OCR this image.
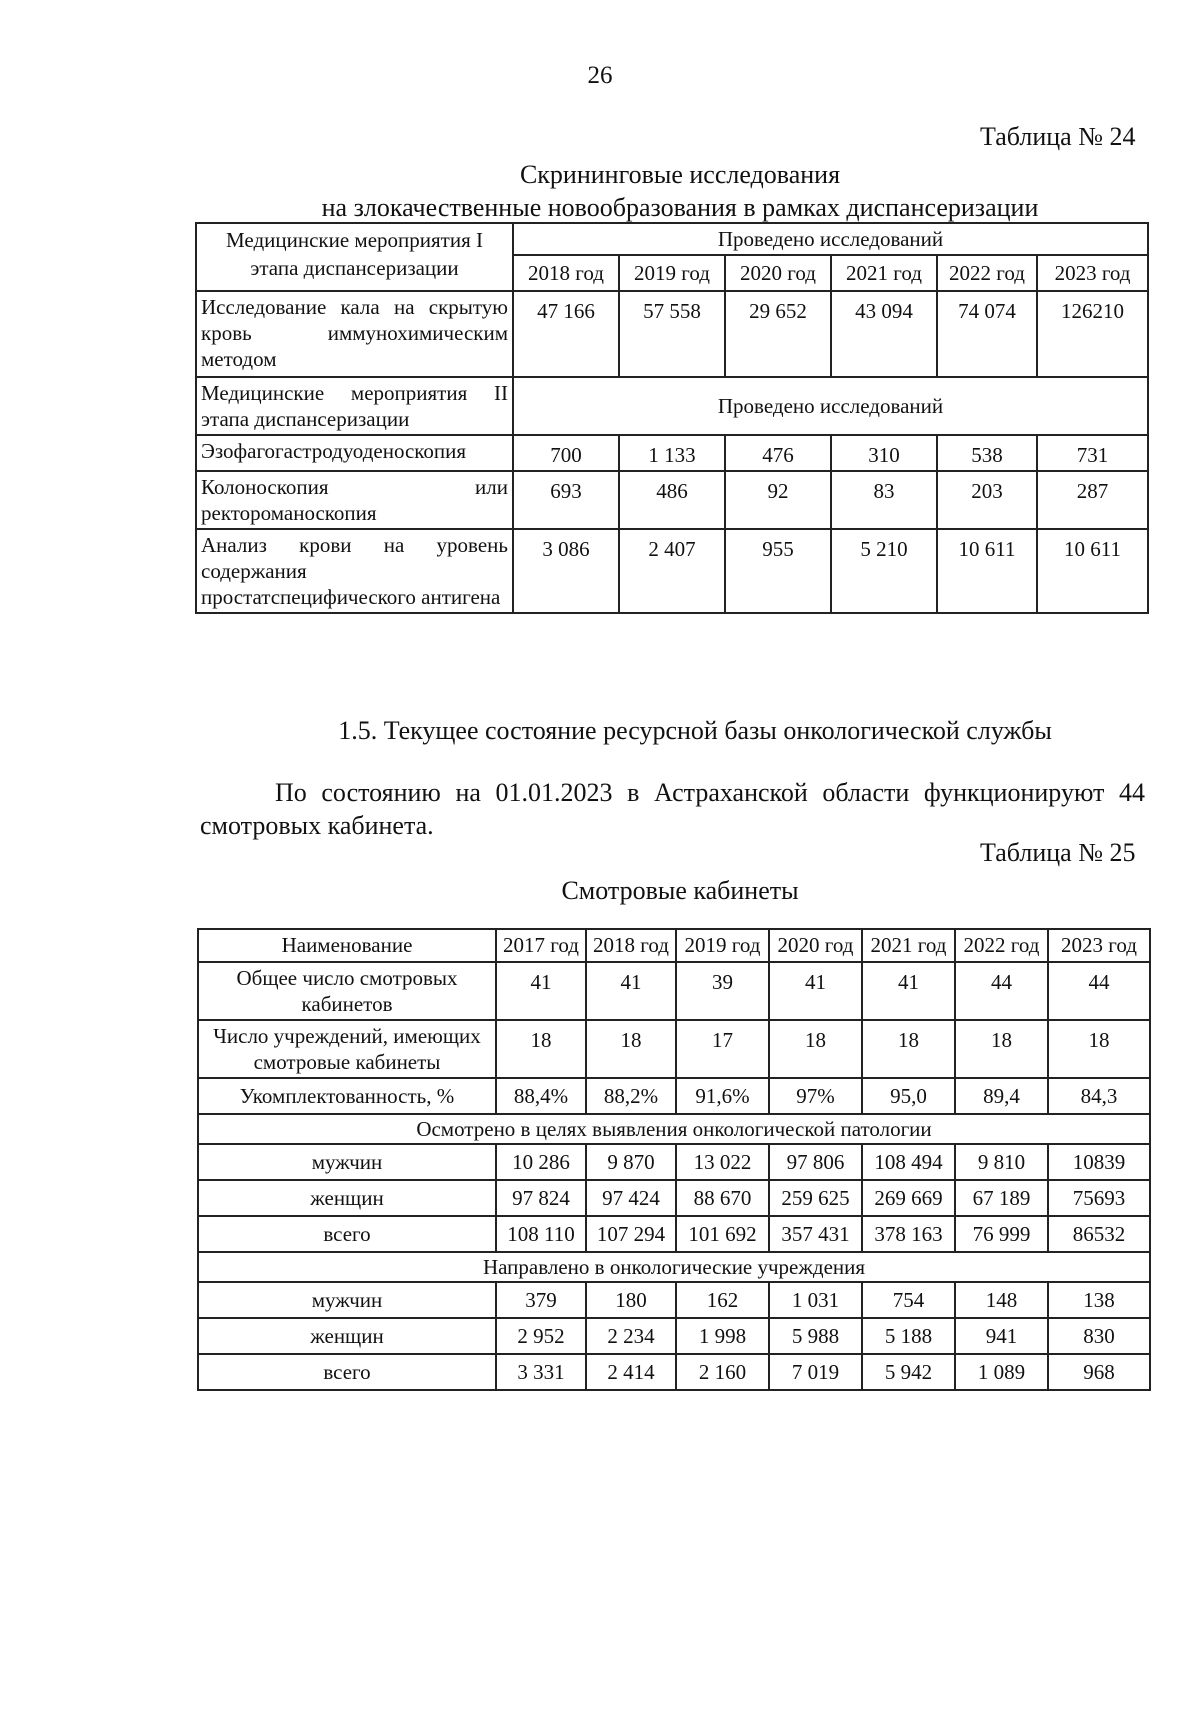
26
Таблица № 24
Скрининговые исследования
на злокачественные новообразования в рамках диспансеризации
Медицинские мероприятия I этапа диспансеризации	Проведено исследований					
	2018 год	2019 год	2020 год	2021 год	2022 год	2023 год
Исследование кала на скрытую кровь иммунохимическим методом	47 166	57 558	29 652	43 094	74 074	126210
Медицинские мероприятия II этапа диспансеризации	Проведено исследований					
Эзофагогастродуоденоскопия	700	1 133	476	310	538	731
Колоноскопия или ректороманоскопия	693	486	92	83	203	287
Анализ крови на уровень содержания простатспецифического антигена	3 086	2 407	955	5 210	10 611	10 611
1.5. Текущее состояние ресурсной базы онкологической службы
По состоянию на 01.01.2023 в Астраханской области функционируют 44 смотровых кабинета.
Таблица № 25
Смотровые кабинеты
Наименование	2017 год	2018 год	2019 год	2020 год	2021 год	2022 год	2023 год
Общее число смотровых кабинетов	41	41	39	41	41	44	44
Число учреждений, имеющих смотровые кабинеты	18	18	17	18	18	18	18
Укомплектованность, %	88,4%	88,2%	91,6%	97%	95,0	89,4	84,3
Осмотрено в целях выявления онкологической патологии							
мужчин	10 286	9 870	13 022	97 806	108 494	9 810	10839
женщин	97 824	97 424	88 670	259 625	269 669	67 189	75693
всего	108 110	107 294	101 692	357 431	378 163	76 999	86532
Направлено в онкологические учреждения							
мужчин	379	180	162	1 031	754	148	138
женщин	2 952	2 234	1 998	5 988	5 188	941	830
всего	3 331	2 414	2 160	7 019	5 942	1 089	968
